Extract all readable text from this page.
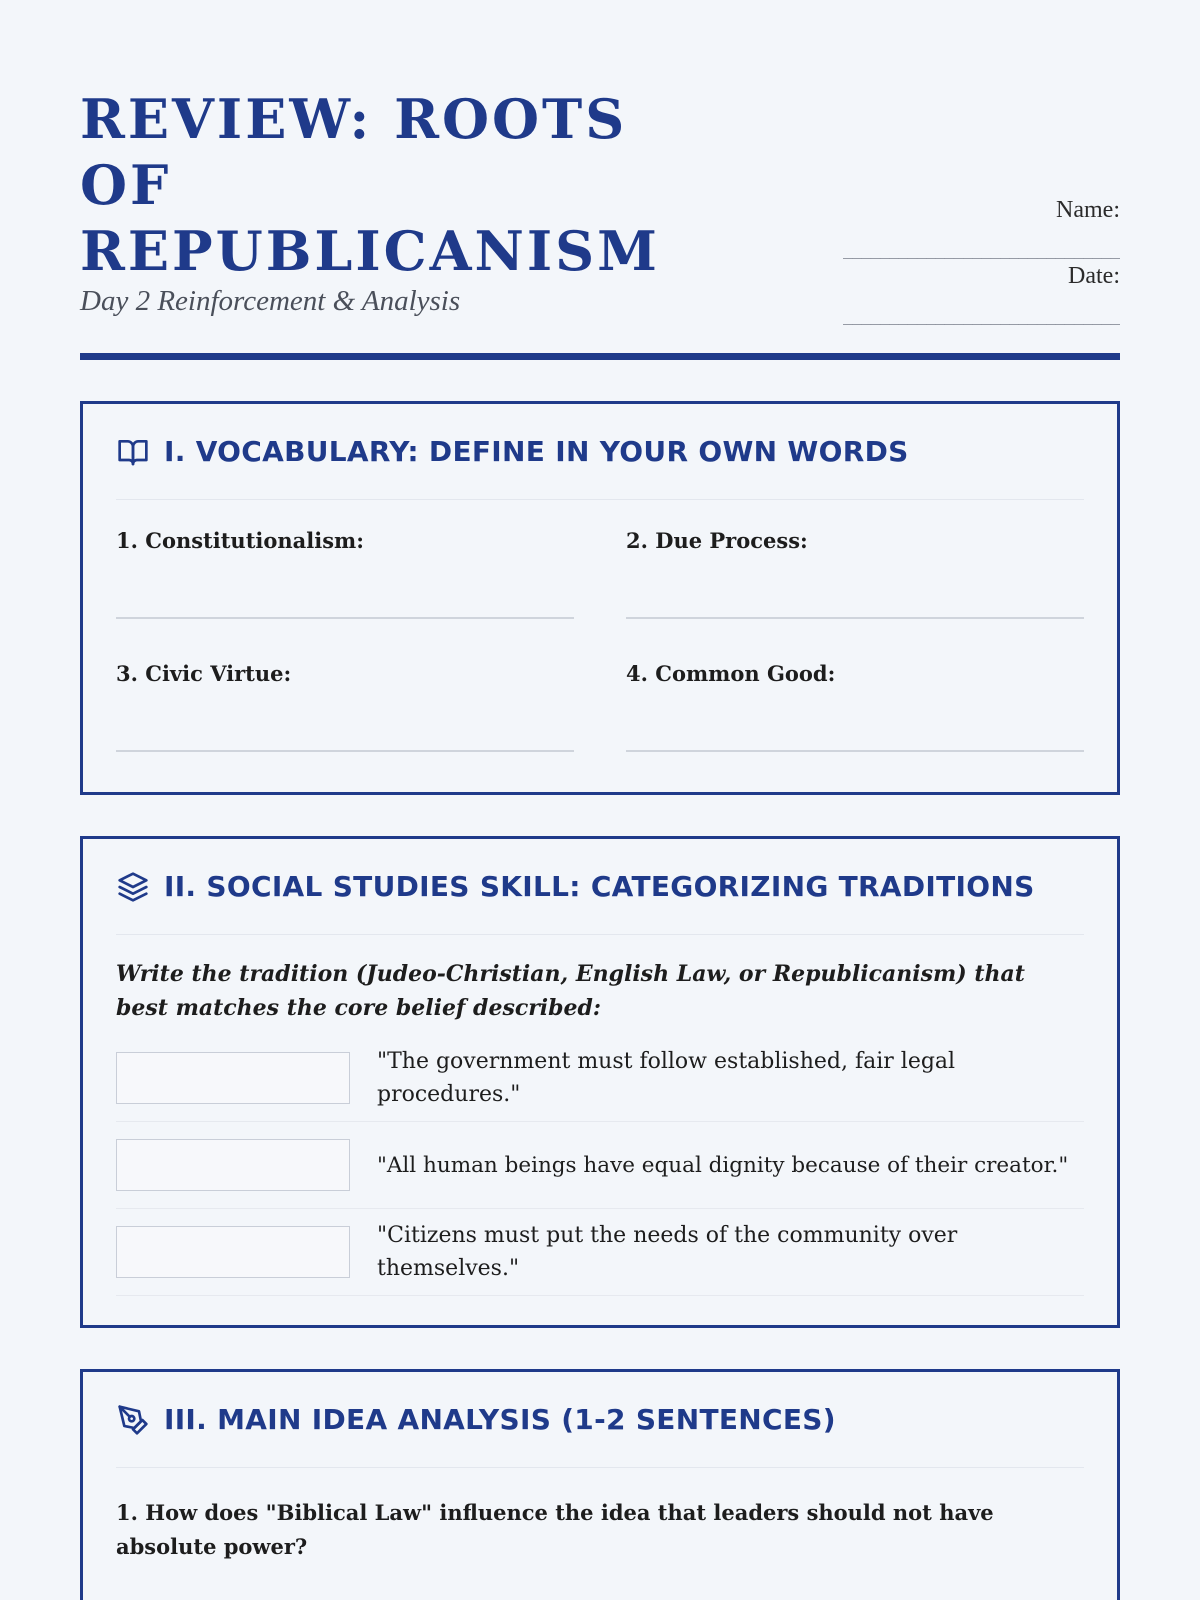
REVIEW: ROOTS OF REPUBLICANISM
Day 2 Reinforcement & Analysis
Name:
______________________________
Date:
______________________________
I. VOCABULARY: DEFINE IN YOUR OWN WORDS
1. Constitutionalism:	2. Due Process:
3. Civic Virtue:	4. Common Good:
II. SOCIAL STUDIES SKILL: CATEGORIZING TRADITIONS

Write the tradition (Judeo-Christian, English Law, or Republicanism) that best matches the core belief described:

"The government must follow established, fair legal procedures."
"All human beings have equal dignity because of their creator."
"Citizens must put the needs of the community over themselves."
III. MAIN IDEA ANALYSIS (1-2 SENTENCES)

1. How does "Biblical Law" influence the idea that leaders should not have absolute power?
